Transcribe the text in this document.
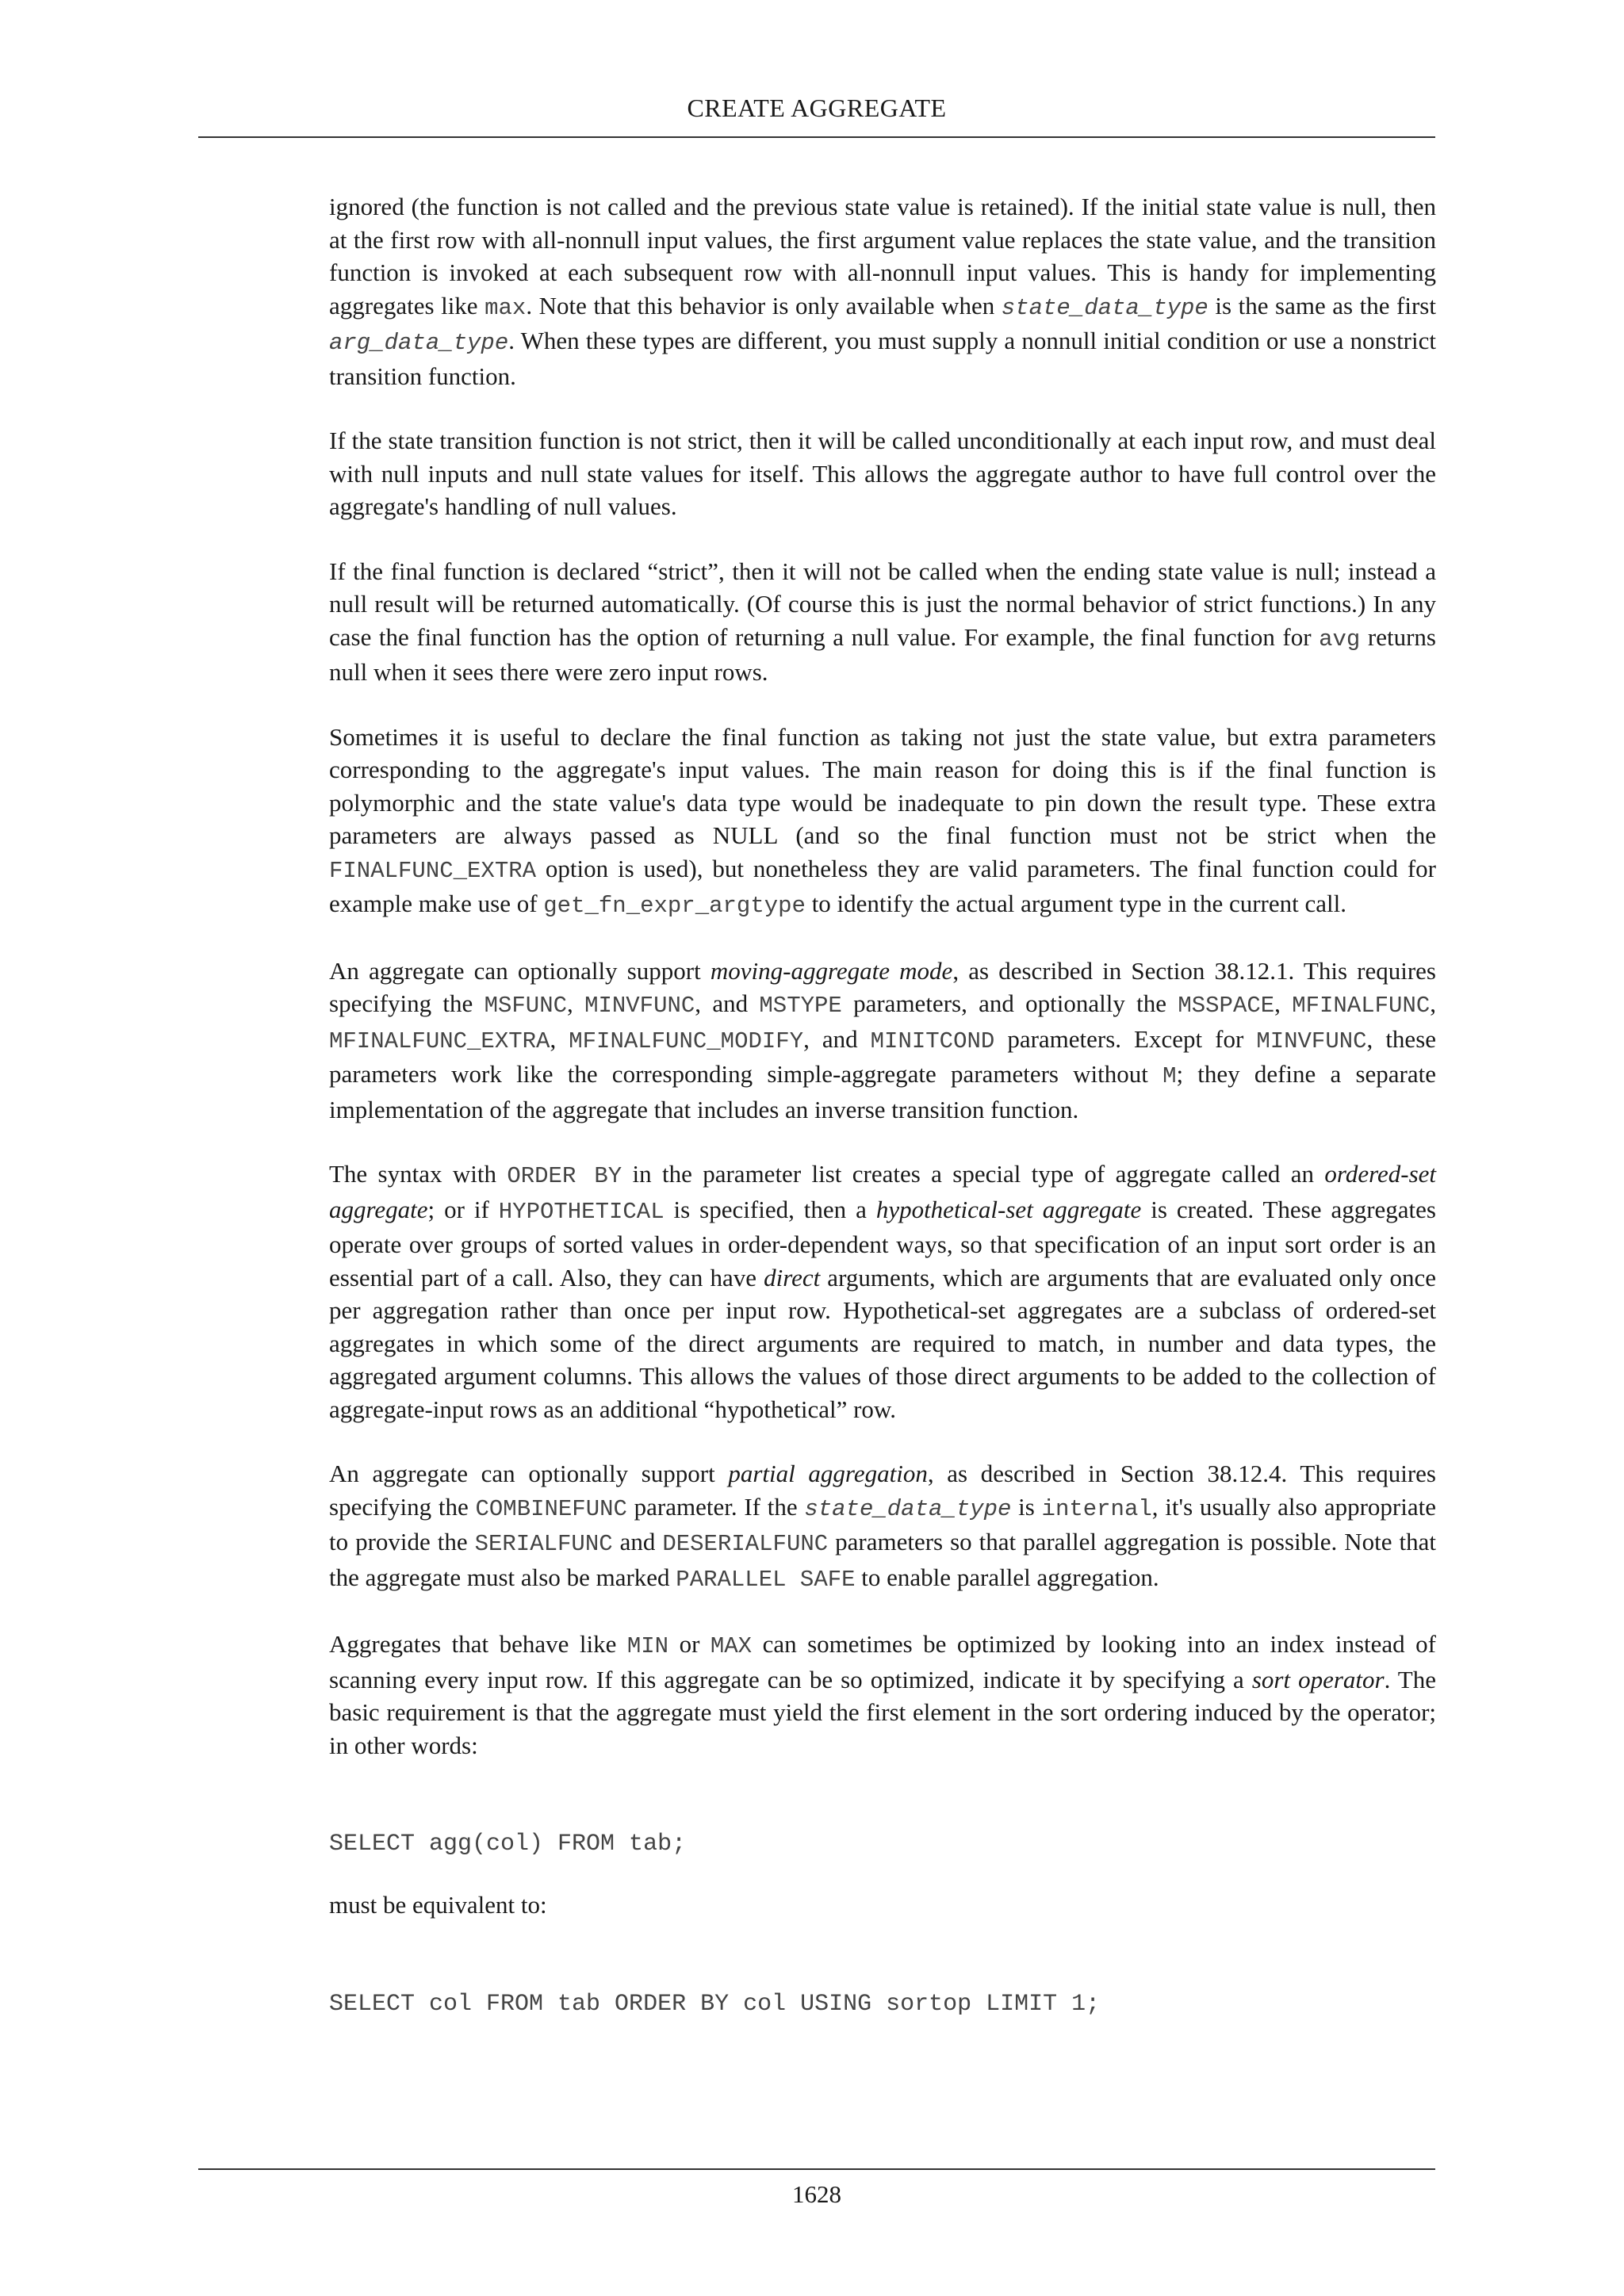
CREATE AGGREGATE

ignored (the function is not called and the previous state value is retained). If the initial state value is null, then at the first row with all-nonnull input values, the first argument value replaces the state value, and the transition function is invoked at each subsequent row with all-nonnull input values. This is handy for implementing aggregates like max. Note that this behavior is only available when state_data_type is the same as the first arg_data_type. When these types are different, you must supply a nonnull initial condition or use a nonstrict transition function.

If the state transition function is not strict, then it will be called unconditionally at each input row, and must deal with null inputs and null state values for itself. This allows the aggregate author to have full control over the aggregate's handling of null values.

If the final function is declared “strict”, then it will not be called when the ending state value is null; instead a null result will be returned automatically. (Of course this is just the normal behavior of strict functions.) In any case the final function has the option of returning a null value. For example, the final function for avg returns null when it sees there were zero input rows.

Sometimes it is useful to declare the final function as taking not just the state value, but extra parameters corresponding to the aggregate's input values. The main reason for doing this is if the final function is polymorphic and the state value's data type would be inadequate to pin down the result type. These extra parameters are always passed as NULL (and so the final function must not be strict when the FINALFUNC_EXTRA option is used), but nonetheless they are valid parameters. The final function could for example make use of get_fn_expr_argtype to identify the actual argument type in the current call.

An aggregate can optionally support moving-aggregate mode, as described in Section 38.12.1. This requires specifying the MSFUNC, MINVFUNC, and MSTYPE parameters, and optionally the MSSPACE, MFINALFUNC, MFINALFUNC_EXTRA, MFINALFUNC_MODIFY, and MINITCOND parameters. Except for MINVFUNC, these parameters work like the corresponding simple-aggregate parameters without M; they define a separate implementation of the aggregate that includes an inverse transition function.

The syntax with ORDER BY in the parameter list creates a special type of aggregate called an ordered-set aggregate; or if HYPOTHETICAL is specified, then a hypothetical-set aggregate is created. These aggregates operate over groups of sorted values in order-dependent ways, so that specification of an input sort order is an essential part of a call. Also, they can have direct arguments, which are arguments that are evaluated only once per aggregation rather than once per input row. Hypothetical-set aggregates are a subclass of ordered-set aggregates in which some of the direct arguments are required to match, in number and data types, the aggregated argument columns. This allows the values of those direct arguments to be added to the collection of aggregate-input rows as an additional “hypothetical” row.

An aggregate can optionally support partial aggregation, as described in Section 38.12.4. This requires specifying the COMBINEFUNC parameter. If the state_data_type is internal, it's usually also appropriate to provide the SERIALFUNC and DESERIALFUNC parameters so that parallel aggregation is possible. Note that the aggregate must also be marked PARALLEL SAFE to enable parallel aggregation.

Aggregates that behave like MIN or MAX can sometimes be optimized by looking into an index instead of scanning every input row. If this aggregate can be so optimized, indicate it by specifying a sort operator. The basic requirement is that the aggregate must yield the first element in the sort ordering induced by the operator; in other words:

SELECT agg(col) FROM tab;

must be equivalent to:

SELECT col FROM tab ORDER BY col USING sortop LIMIT 1;
1628
